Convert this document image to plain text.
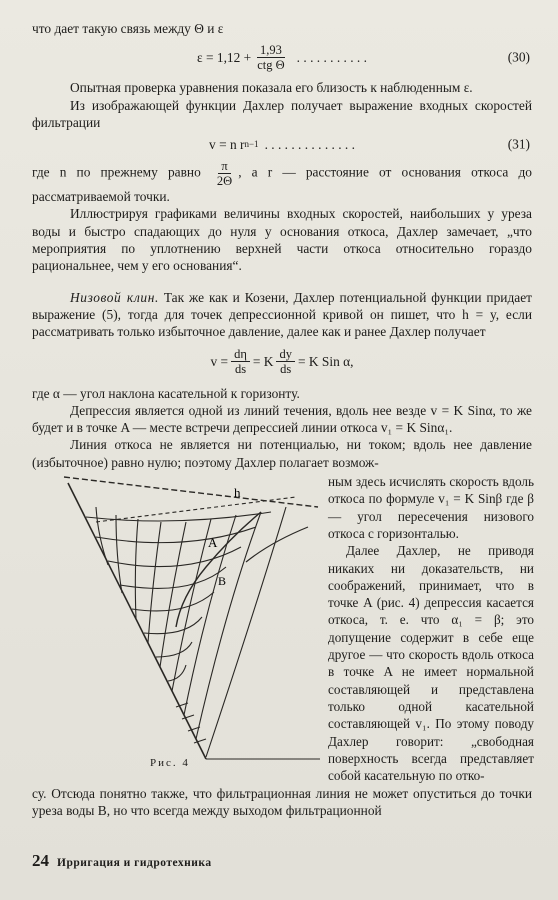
что дает такую связь между Θ и ε

$\varepsilon = 1,12 + \frac{1,93}{\text{ctg Θ}}$ . . . . . . . . . . .	(30)

Опытная проверка уравнения показала его близость к наблюденным ε.

Из изображающей функции Дахлер получает выражение входных скоростей фильтрации

v = n r n−1 . . . . . . . . . . . . . .	(31)

где n по прежнему равно $\frac{\pi}{2\Theta}$ , а r — расстояние от основания откоса до рассматриваемой точки.

Иллюстрируя графиками величины входных скоростей, наибольших у уреза воды и быстро спадающих до нуля у основания откоса, Дахлер замечает, „что мероприятия по уплотнению верхней части откоса относительно гораздо рациональнее, чем у его основания“.

Низовой клин. Так же как и Козени, Дахлер потенциальной функции придает выражение (5), тогда для точек депрессионной кривой он пишет, что h = y, если рассматривать только избыточное давление, далее как и ранее Дахлер получает

$v = \frac{d\eta}{ds} = K \frac{dy}{ds} = K$ Sin α,

где α — угол наклона касательной к горизонту.

Депрессия является одной из линий течения, вдоль нее везде v = K Sinα, то же будет и в точке A — месте встречи депрессией линии откоса v₁ = K Sinα₁.

Линия откоса не является ни потенциалью, ни током; вдоль нее давление (избыточное) равно нулю; поэтому Дахлер полагает возмож-

h
A
B
Рис. 4

ным здесь исчислять скорость вдоль откоса по формуле v₁ = K Sinβ где β — угол пересечения низового откоса с горизонталью.

Далее Дахлер, не приводя никаких ни доказательств, ни соображений, принимает, что в точке A (рис. 4) депрессия касается откоса, т. е. что α₁ = β; это допущение содержит в себе еще другое — что скорость вдоль откоса в точке A не имеет нормальной составляющей и представлена только одной касательной составляющей v₁. По этому поводу Дахлер говорит: „свободная поверхность всегда представляет собой касательную по отко-

су. Отсюда понятно также, что фильтрационная линия не может опуститься до точки уреза воды B, но что всегда между выходом фильтрационной

24 Ирригация и гидротехника
